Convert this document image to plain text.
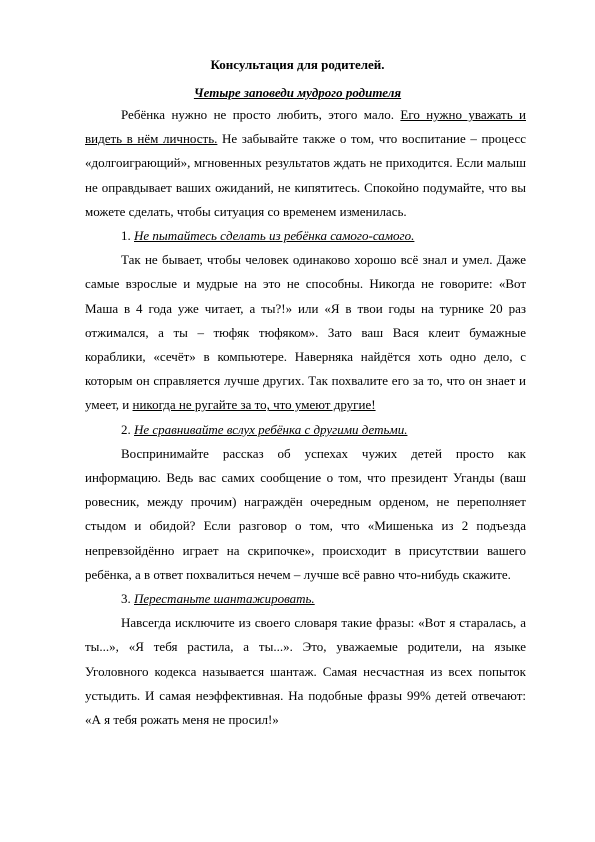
Консультация для родителей.
Четыре заповеди мудрого родителя

Ребёнка нужно не просто любить, этого мало. Его нужно уважать и видеть в нём личность. Не забывайте также о том, что воспитание – процесс «долгоиграющий», мгновенных результатов ждать не приходится. Если малыш не оправдывает ваших ожиданий, не кипятитесь. Спокойно подумайте, что вы можете сделать, чтобы ситуация со временем изменилась.

1. Не пытайтесь сделать из ребёнка самого-самого.

Так не бывает, чтобы человек одинаково хорошо всё знал и умел. Даже самые взрослые и мудрые на это не способны. Никогда не говорите: «Вот Маша в 4 года уже читает, а ты?!» или «Я в твои годы на турнике 20 раз отжимался, а ты – тюфяк тюфяком». Зато ваш Вася клеит бумажные кораблики, «сечёт» в компьютере. Наверняка найдётся хоть одно дело, с которым он справляется лучше других. Так похвалите его за то, что он знает и умеет, и никогда не ругайте за то, что умеют другие!

2. Не сравнивайте вслух ребёнка с другими детьми.

Воспринимайте рассказ об успехах чужих детей просто как информацию. Ведь вас самих сообщение о том, что президент Уганды (ваш ровесник, между прочим) награждён очередным орденом, не переполняет стыдом и обидой? Если разговор о том, что «Мишенька из 2 подъезда непревзойдённо играет на скрипочке», происходит в присутствии вашего ребёнка, а в ответ похвалиться нечем – лучше всё равно что-нибудь скажите.

3. Перестаньте шантажировать.

Навсегда исключите из своего словаря такие фразы: «Вот я старалась, а ты...», «Я тебя растила, а ты...». Это, уважаемые родители, на языке Уголовного кодекса называется шантаж. Самая несчастная из всех попыток устыдить. И самая неэффективная. На подобные фразы 99% детей отвечают: «А я тебя рожать меня не просил!»
